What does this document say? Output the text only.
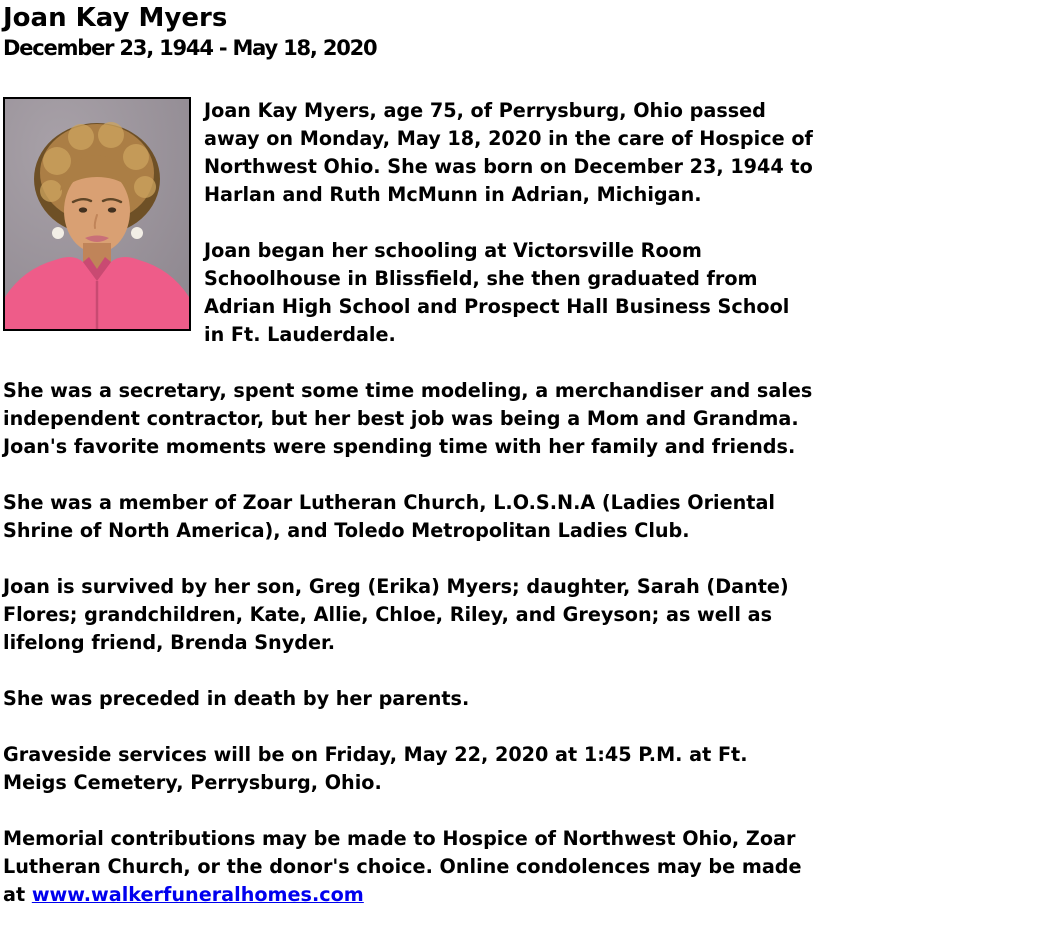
Joan Kay Myers
December 23, 1944 - May 18, 2020

Joan Kay Myers, age 75, of Perrysburg, Ohio passed away on Monday, May 18, 2020 in the care of Hospice of Northwest Ohio. She was born on December 23, 1944 to Harlan and Ruth McMunn in Adrian, Michigan.

Joan began her schooling at Victorsville Room Schoolhouse in Blissfield, she then graduated from Adrian High School and Prospect Hall Business School in Ft. Lauderdale.

She was a secretary, spent some time modeling, a merchandiser and sales independent contractor, but her best job was being a Mom and Grandma. Joan's favorite moments were spending time with her family and friends.

She was a member of Zoar Lutheran Church, L.O.S.N.A (Ladies Oriental Shrine of North America), and Toledo Metropolitan Ladies Club.

Joan is survived by her son, Greg (Erika) Myers; daughter, Sarah (Dante) Flores; grandchildren, Kate, Allie, Chloe, Riley, and Greyson; as well as lifelong friend, Brenda Snyder.

She was preceded in death by her parents.

Graveside services will be on Friday, May 22, 2020 at 1:45 P.M. at Ft. Meigs Cemetery, Perrysburg, Ohio.

Memorial contributions may be made to Hospice of Northwest Ohio, Zoar Lutheran Church, or the donor's choice. Online condolences may be made at www.walkerfuneralhomes.com
